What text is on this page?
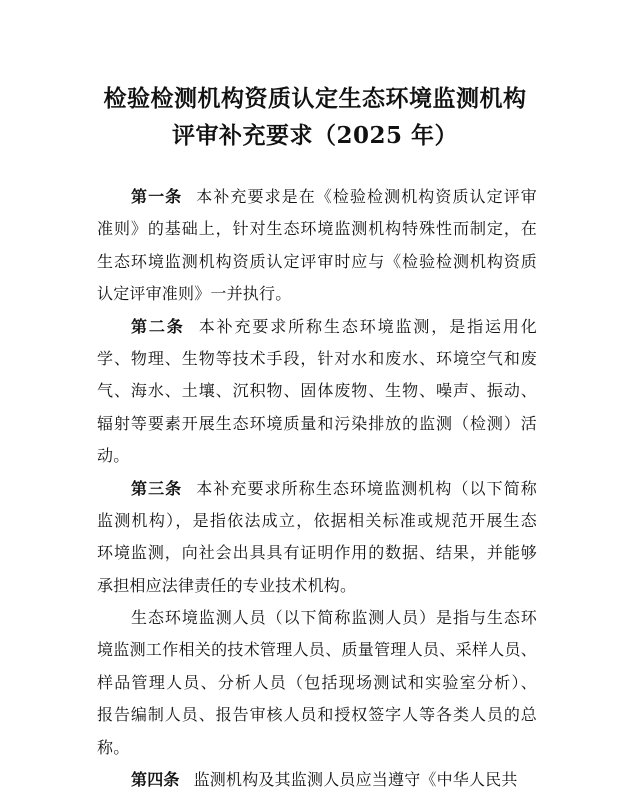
检验检测机构资质认定生态环境监测机构
评审补充要求（2025 年）
第一条 本补充要求是在《检验检测机构资质认定评审
准则》的基础上，针对生态环境监测机构特殊性而制定，在
生态环境监测机构资质认定评审时应与《检验检测机构资质
认定评审准则》一并执行。
第二条 本补充要求所称生态环境监测，是指运用化
学、物理、生物等技术手段，针对水和废水、环境空气和废
气、海水、土壤、沉积物、固体废物、生物、噪声、振动、
辐射等要素开展生态环境质量和污染排放的监测（检测）活
动。
第三条 本补充要求所称生态环境监测机构（以下简称
监测机构），是指依法成立，依据相关标准或规范开展生态
环境监测，向社会出具具有证明作用的数据、结果，并能够
承担相应法律责任的专业技术机构。
生态环境监测人员（以下简称监测人员）是指与生态环
境监测工作相关的技术管理人员、质量管理人员、采样人员、
样品管理人员、分析人员（包括现场测试和实验室分析）、
报告编制人员、报告审核人员和授权签字人等各类人员的总
称。
第四条 监测机构及其监测人员应当遵守《中华人民共
